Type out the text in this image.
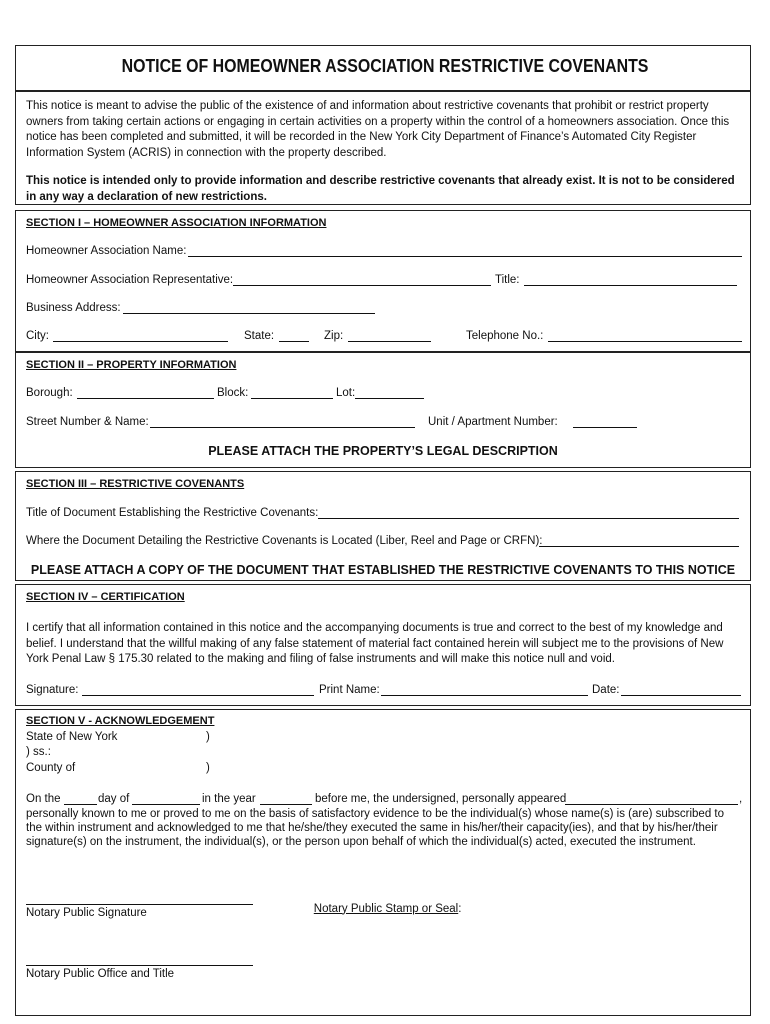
NOTICE OF HOMEOWNER ASSOCIATION RESTRICTIVE COVENANTS
This notice is meant to advise the public of the existence of and information about restrictive covenants that prohibit or restrict property owners from taking certain actions or engaging in certain activities on a property within the control of a homeowners association. Once this notice has been completed and submitted, it will be recorded in the New York City Department of Finance’s Automated City Register Information System (ACRIS) in connection with the property described.
This notice is intended only to provide information and describe restrictive covenants that already exist. It is not to be considered in any way a declaration of new restrictions.
SECTION I – HOMEOWNER ASSOCIATION INFORMATION
Homeowner Association Name:
Homeowner Association Representative:	Title:
Business Address:
City:	State:	Zip:	Telephone No.:
SECTION II – PROPERTY INFORMATION
Borough:	Block:	Lot:
Street Number & Name:	Unit / Apartment Number:
PLEASE ATTACH THE PROPERTY’S LEGAL DESCRIPTION
SECTION III – RESTRICTIVE COVENANTS
Title of Document Establishing the Restrictive Covenants:
Where the Document Detailing the Restrictive Covenants is Located (Liber, Reel and Page or CRFN):
PLEASE ATTACH A COPY OF THE DOCUMENT THAT ESTABLISHED THE RESTRICTIVE COVENANTS TO THIS NOTICE
SECTION IV – CERTIFICATION
I certify that all information contained in this notice and the accompanying documents is true and correct to the best of my knowledge and belief. I understand that the willful making of any false statement of material fact contained herein will subject me to the provisions of New York Penal Law § 175.30 related to the making and filing of false instruments and will make this notice null and void.
Signature:	Print Name:	Date:
SECTION V - ACKNOWLEDGEMENT
State of New York	)
) ss.:
County of	)
On the	day of	in the year	before me, the undersigned, personally appeared	,
personally known to me or proved to me on the basis of satisfactory evidence to be the individual(s) whose name(s) is (are) subscribed to the within instrument and acknowledged to me that he/she/they executed the same in his/her/their capacity(ies), and that by his/her/their signature(s) on the instrument, the individual(s), or the person upon behalf of which the individual(s) acted, executed the instrument.
Notary Public Signature	Notary Public Stamp or Seal:

Notary Public Office and Title
